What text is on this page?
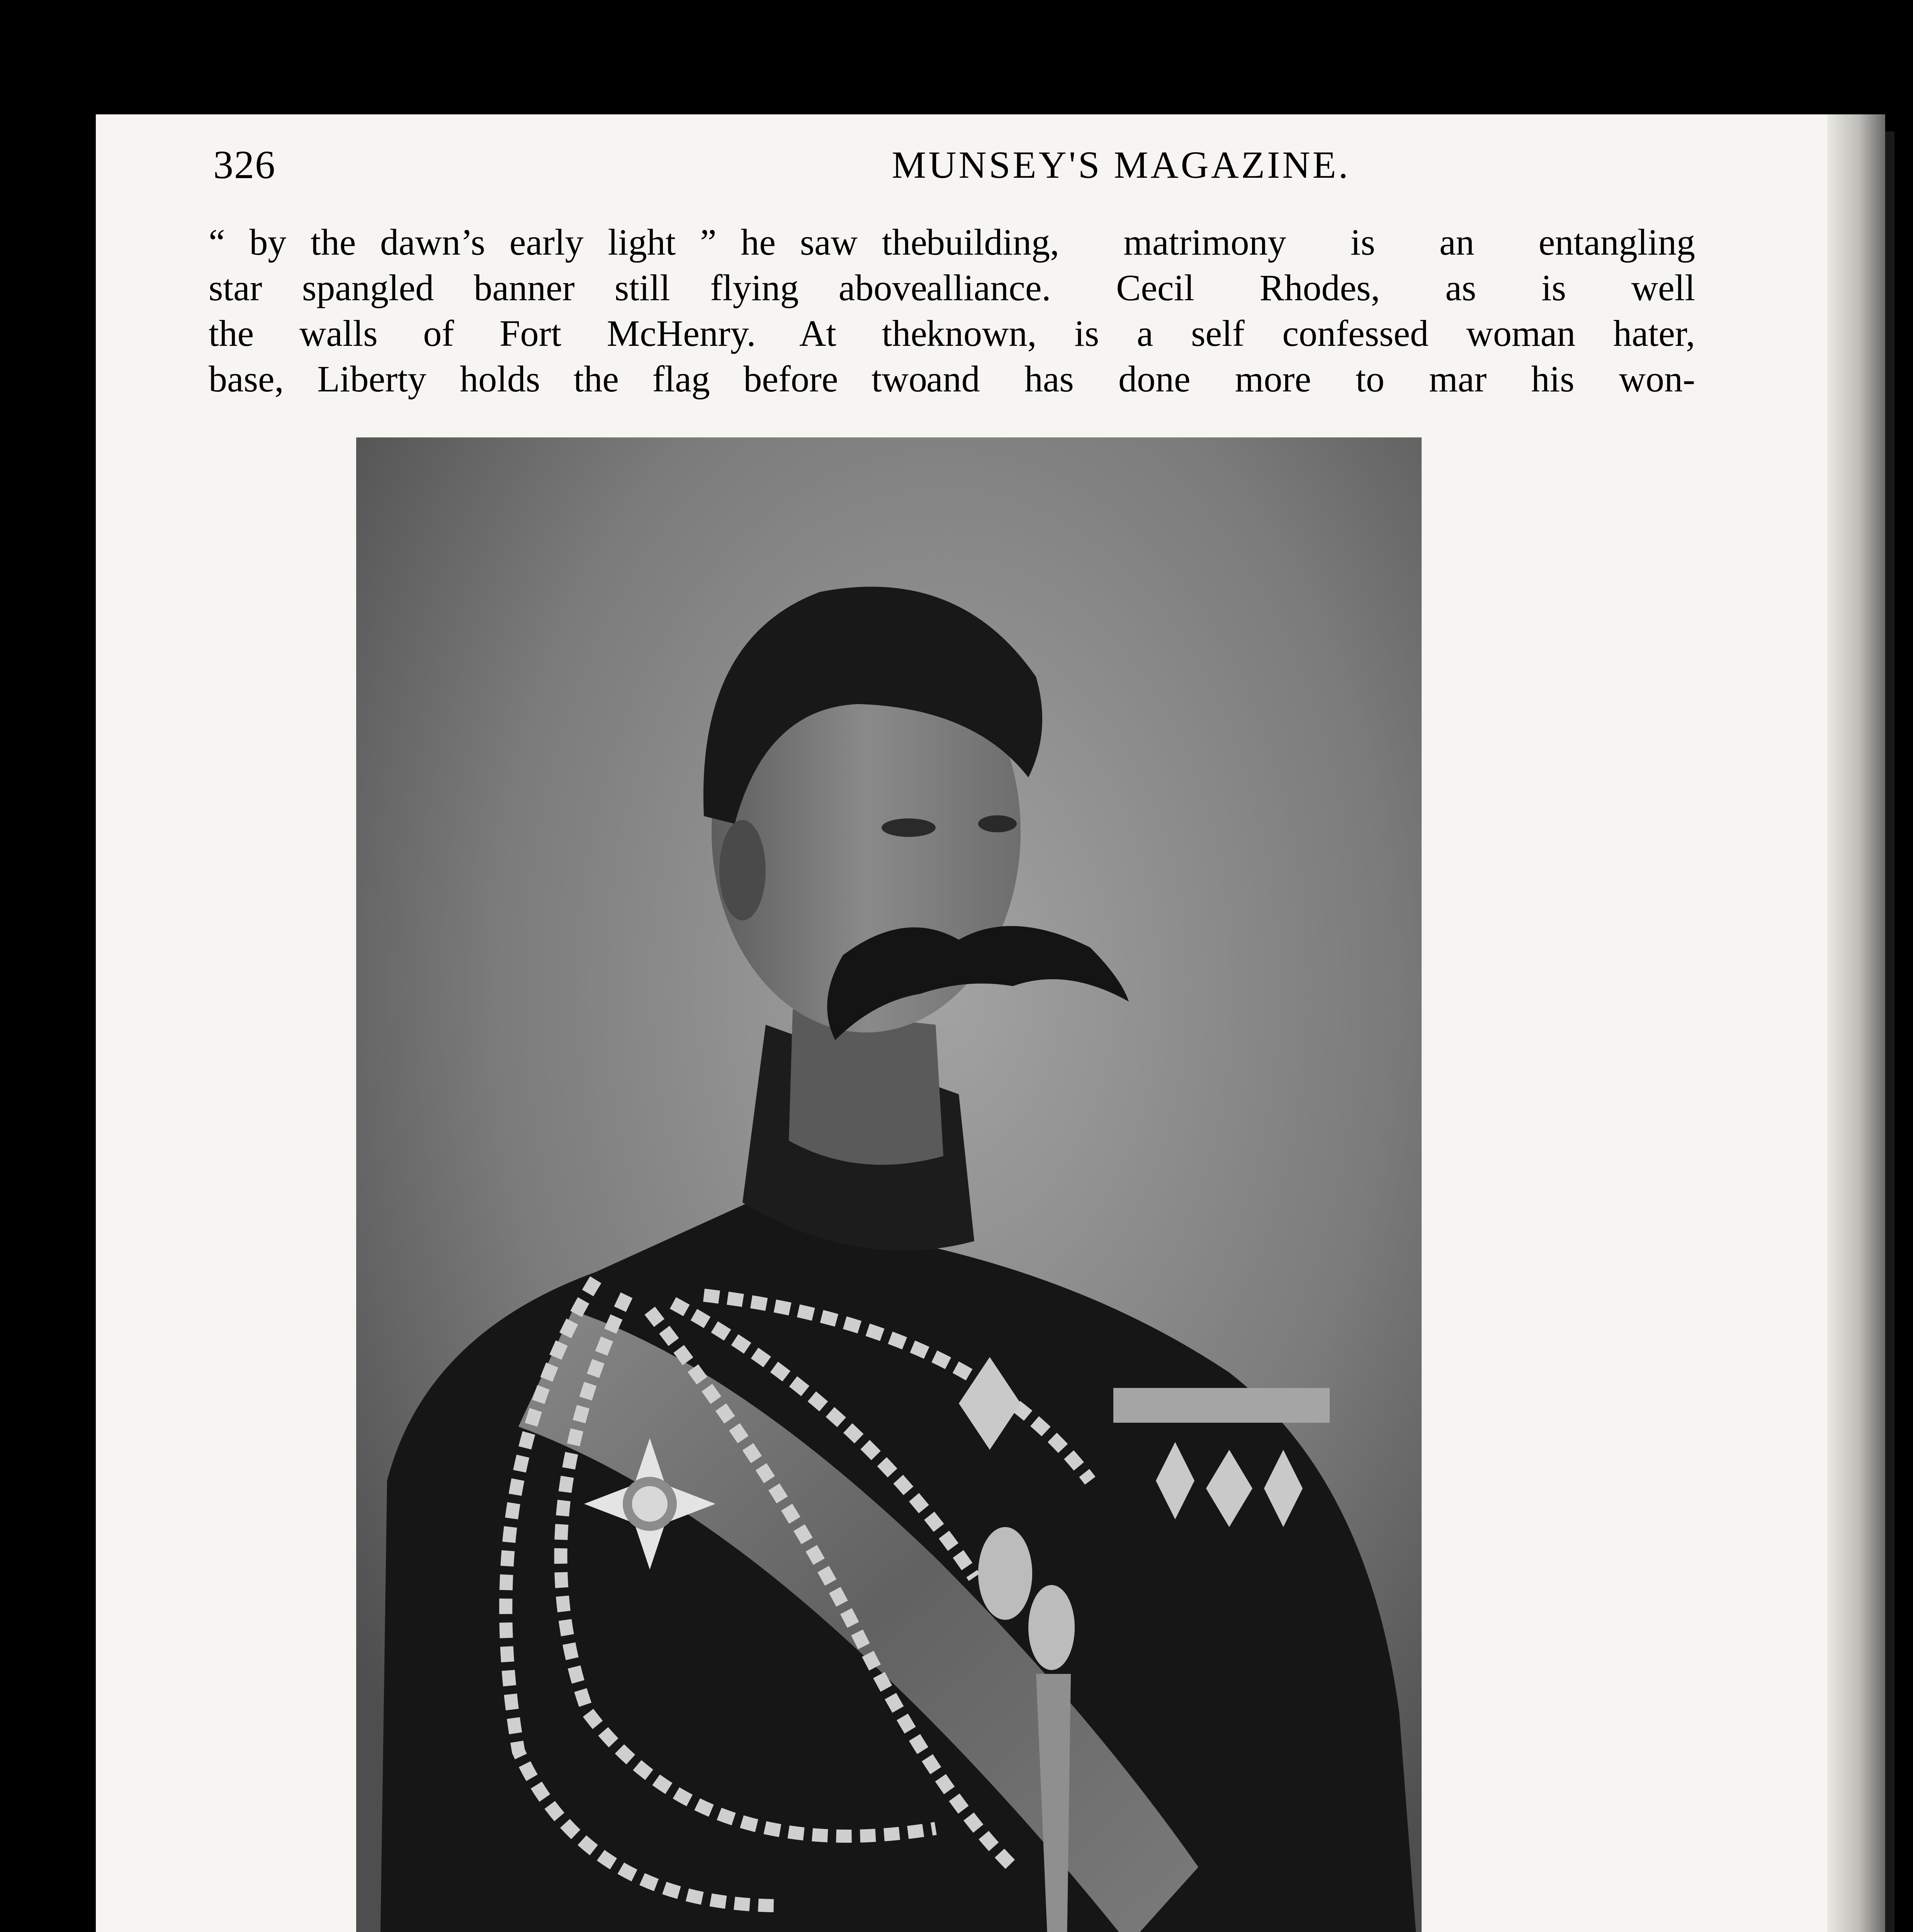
326	MUNSEY'S MAGAZINE.
“ by the dawn’s early light ” he saw the
star spangled banner still flying above
the walls of Fort McHenry. At the
base, Liberty holds the flag before two
building, matrimony is an entangling
alliance. Cecil Rhodes, as is well
known, is a self confessed woman hater,
and has done more to mar his won-
